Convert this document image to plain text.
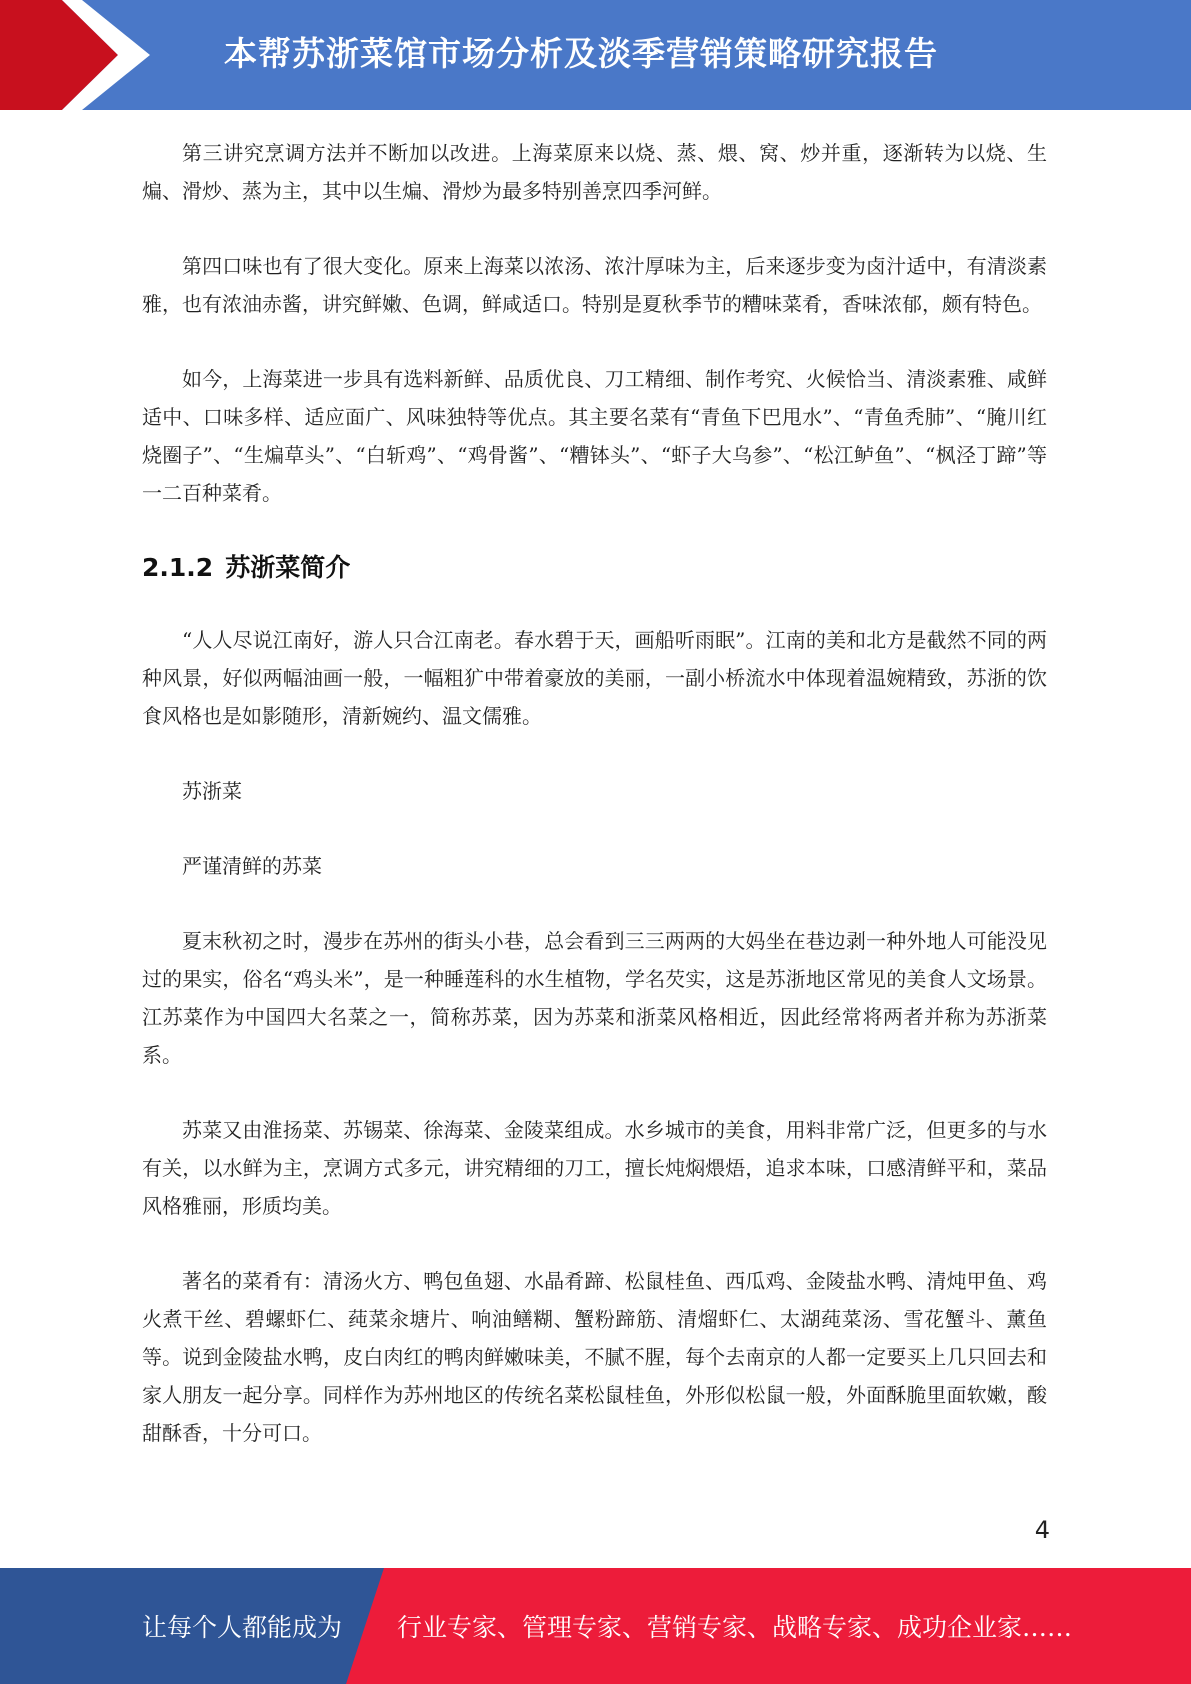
本帮苏浙菜馆市场分析及淡季营销策略研究报告

第三讲究烹调方法并不断加以改进。上海菜原来以烧、蒸、煨、窝、炒并重，逐渐转为以烧、生煸、滑炒、蒸为主，其中以生煸、滑炒为最多特别善烹四季河鲜。

第四口味也有了很大变化。原来上海菜以浓汤、浓汁厚味为主，后来逐步变为卤汁适中，有清淡素雅，也有浓油赤酱，讲究鲜嫩、色调，鲜咸适口。特别是夏秋季节的糟味菜肴，香味浓郁，颇有特色。

如今，上海菜进一步具有选料新鲜、品质优良、刀工精细、制作考究、火候恰当、清淡素雅、咸鲜适中、口味多样、适应面广、风味独特等优点。其主要名菜有“青鱼下巴甩水”、“青鱼秃肺”、“腌川红烧圈子”、“生煸草头”、“白斩鸡”、“鸡骨酱”、“糟钵头”、“虾子大乌参”、“松江鲈鱼”、“枫泾丁蹄”等一二百种菜肴。

2.1.2 苏浙菜简介

“人人尽说江南好，游人只合江南老。春水碧于天，画船听雨眠”。江南的美和北方是截然不同的两种风景，好似两幅油画一般，一幅粗犷中带着豪放的美丽，一副小桥流水中体现着温婉精致，苏浙的饮食风格也是如影随形，清新婉约、温文儒雅。

苏浙菜

严谨清鲜的苏菜

夏末秋初之时，漫步在苏州的街头小巷，总会看到三三两两的大妈坐在巷边剥一种外地人可能没见过的果实，俗名“鸡头米”，是一种睡莲科的水生植物，学名芡实，这是苏浙地区常见的美食人文场景。江苏菜作为中国四大名菜之一，简称苏菜，因为苏菜和浙菜风格相近，因此经常将两者并称为苏浙菜系。

苏菜又由淮扬菜、苏锡菜、徐海菜、金陵菜组成。水乡城市的美食，用料非常广泛，但更多的与水有关，以水鲜为主，烹调方式多元，讲究精细的刀工，擅长炖焖煨焐，追求本味，口感清鲜平和，菜品风格雅丽，形质均美。

著名的菜肴有：清汤火方、鸭包鱼翅、水晶肴蹄、松鼠桂鱼、西瓜鸡、金陵盐水鸭、清炖甲鱼、鸡火煮干丝、碧螺虾仁、莼菜汆塘片、响油鳝糊、蟹粉蹄筋、清熘虾仁、太湖莼菜汤、雪花蟹斗、薰鱼等。说到金陵盐水鸭，皮白肉红的鸭肉鲜嫩味美，不腻不腥，每个去南京的人都一定要买上几只回去和家人朋友一起分享。同样作为苏州地区的传统名菜松鼠桂鱼，外形似松鼠一般，外面酥脆里面软嫩，酸甜酥香，十分可口。

4
让每个人都能成为 行业专家、管理专家、营销专家、战略专家、成功企业家……
